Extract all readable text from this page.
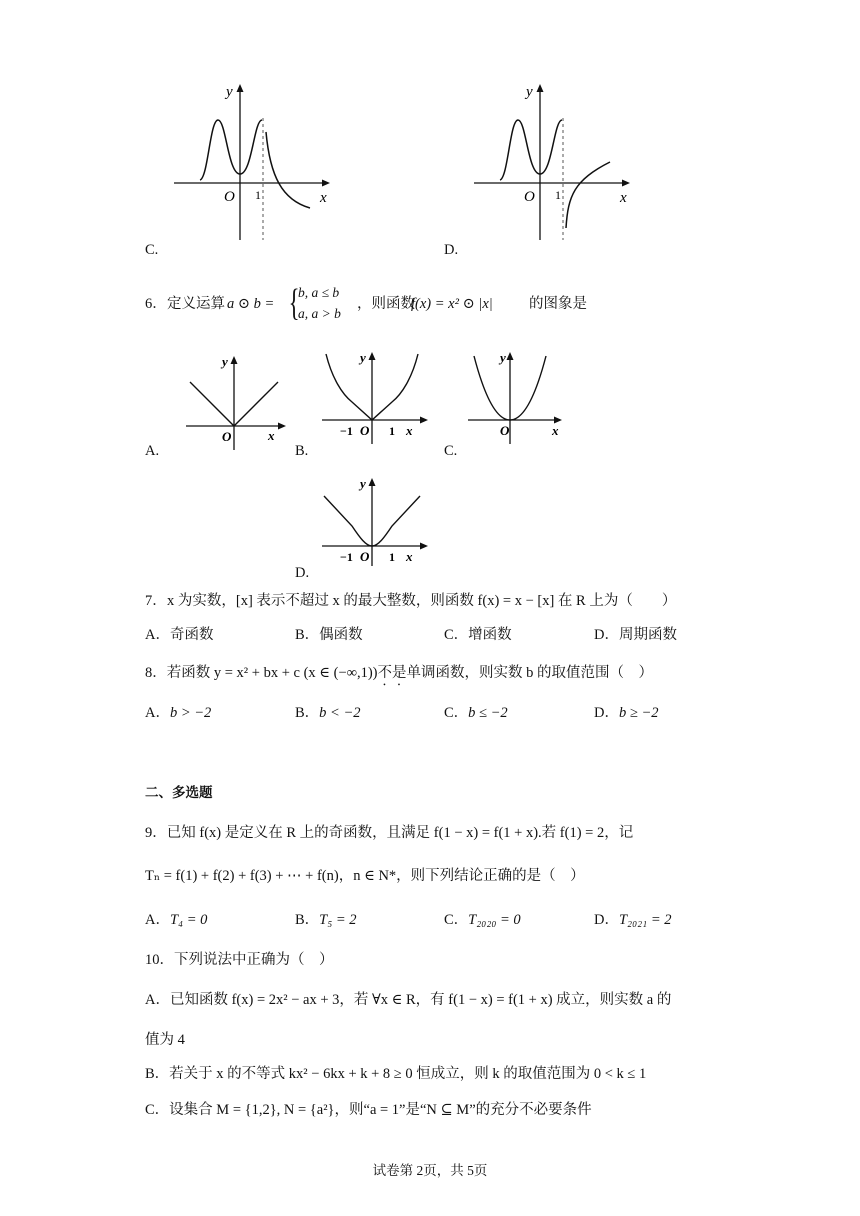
y
x
O 1
C.
y
x
O 1
D.
6． 定义运算 a ⊙ b = {
b, a ≤ b
a, a > b
，则函数
f(x) = x² ⊙ |x|	的图象是
y
x
O
A.
y
−1 O 1 x
B.
y
O	x
C.
y
−1 O 1 x
D.
7． x 为实数，[x] 表示不超过 x 的最大整数，则函数 f(x) = x − [x] 在 R 上为（　　）
A．奇函数	B．偶函数	C．增函数	D．周期函数
8．若函数 y = x² + bx + c (x ∈ (−∞,1))不是单调函数，则实数 b 的取值范围（　）
A．b > −2	B．b < −2	C．b ≤ −2	D．b ≥ −2
二、多选题
9．已知 f(x) 是定义在 R 上的奇函数，且满足 f(1 − x) = f(1 + x).若 f(1) = 2，记
Tₙ = f(1) + f(2) + f(3) + ⋯ + f(n)，n ∈ N*，则下列结论正确的是（　）
A．T₄ = 0	B．T₅ = 2	C．T₂₀₂₀ = 0	D．T₂₀₂₁ = 2
10．下列说法中正确为（　）
A．已知函数 f(x) = 2x² − ax + 3，若 ∀x ∈ R，有 f(1 − x) = f(1 + x) 成立，则实数 a 的
值为 4
B．若关于 x 的不等式 kx² − 6kx + k + 8 ≥ 0 恒成立，则 k 的取值范围为 0 < k ≤ 1
C．设集合 M = {1,2}, N = {a²}，则“a = 1”是“N ⊆ M”的充分不必要条件
试卷第 2页，共 5页
